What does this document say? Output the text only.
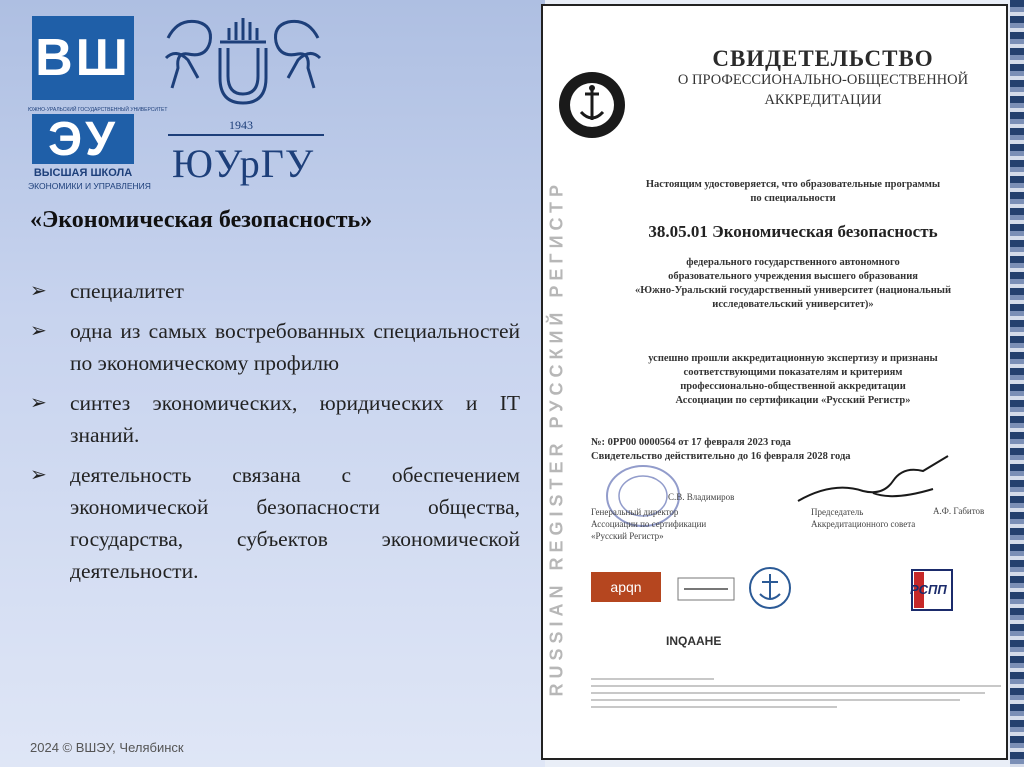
ВШ
ЮЖНО-УРАЛЬСКИЙ ГОСУДАРСТВЕННЫЙ УНИВЕРСИТЕТ
ЭУ
ВЫСШАЯ ШКОЛА
ЭКОНОМИКИ И УПРАВЛЕНИЯ
1943
ЮУрГУ
«Экономическая безопасность»
➢ специалитет
➢ одна из самых востребованных специальностей по экономическому профилю
➢ синтез экономических, юридических и IT знаний.
➢ деятельность связана с обеспечением экономической безопасности общества, государства, субъектов экономической деятельности.
2024 © ВШЭУ, Челябинск
RUSSIAN REGISTER РУССКИЙ РЕГИСТР
СВИДЕТЕЛЬСТВО
О ПРОФЕССИОНАЛЬНО-ОБЩЕСТВЕННОЙ
АККРЕДИТАЦИИ
Настоящим удостоверяется, что образовательные программы
по специальности
38.05.01 Экономическая безопасность
федерального государственного автономного
образовательного учреждения высшего образования
«Южно-Уральский государственный университет (национальный
исследовательский университет)»
успешно прошли аккредитационную экспертизу и признаны
соответствующими показателям и критериям
профессионально-общественной аккредитации
Ассоциации по сертификации «Русский Регистр»
№: 0РР00 0000564 от 17 февраля 2023 года
Свидетельство действительно до 16 февраля 2028 года
С.В. Владимиров
Генеральный директор
Ассоциации по сертификации
«Русский Регистр»
А.Ф. Габитов
Председатель
Аккредитационного совета
apqn	РСПП
INQAAHE
